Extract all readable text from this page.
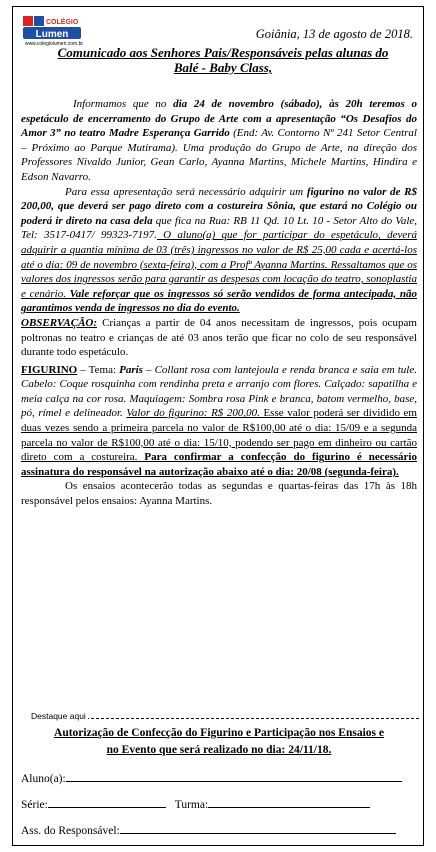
COLÉGIO
Lumen
www.colegiolumen.com.br
Goiânia, 13 de agosto de 2018.
Comunicado aos Senhores Pais/Responsáveis pelas alunas do
Balé - Baby Class,

Informamos que no dia 24 de novembro (sábado), às 20h teremos o espetáculo de encerramento do Grupo de Arte com a apresentação “Os Desafios do Amor 3” no teatro Madre Esperança Garrido (End: Av. Contorno Nº 241 Setor Central – Próximo ao Parque Mutirama). Uma produção do Grupo de Arte, na direção dos Professores Nivaldo Junior, Gean Carlo, Ayanna Martins, Michele Martins, Hindira e Edson Navarro.

Para essa apresentação será necessário adquirir um figurino no valor de R$ 200,00, que deverá ser pago direto com a costureira Sônia, que estará no Colégio ou poderá ir direto na casa dela que fica na Rua: RB 11 Qd. 10 Lt. 10 - Setor Alto do Vale, Tel: 3517-0417/ 99323-7197. O aluno(a) que for participar do espetáculo, deverá adquirir a quantia mínima de 03 (três) ingressos no valor de R$ 25,00 cada e acertá-los até o dia: 09 de novembro (sexta-feira), com a Profª Ayanna Martins. Ressaltamos que os valores dos ingressos serão para garantir as despesas com locação do teatro, sonoplastia e cenário. Vale reforçar que os ingressos só serão vendidos de forma antecipada, não garantimos venda de ingressos no dia do evento.

OBSERVAÇÃO: Crianças a partir de 04 anos necessitam de ingressos, pois ocupam poltronas no teatro e crianças de até 03 anos terão que ficar no colo de seu responsável durante todo espetáculo.

FIGURINO – Tema: Paris – Collant rosa com lantejoula e renda branca e saia em tule. Cabelo: Coque rosquinha com rendinha preta e arranjo com flores. Calçado: sapatilha e meia calça na cor rosa. Maquiagem: Sombra rosa Pink e branca, batom vermelho, base, pó, rímel e delineador. Valor do figurino: R$ 200,00. Esse valor poderá ser dividido em duas vezes sendo a primeira parcela no valor de R$100,00 até o dia: 15/09 e a segunda parcela no valor de R$100,00 até o dia: 15/10, podendo ser pago em dinheiro ou cartão direto com a costureira. Para confirmar a confecção do figurino é necessário assinatura do responsável na autorização abaixo até o dia: 20/08 (segunda-feira).

Os ensaios acontecerão todas as segundas e quartas-feiras das 17h às 18h responsável pelos ensaios: Ayanna Martins.

Destaque aqui
Autorização de Confecção do Figurino e Participação nos Ensaios e
no Evento que será realizado no dia: 24/11/18.
Aluno(a):
Série:	Turma:
Ass. do Responsável:
